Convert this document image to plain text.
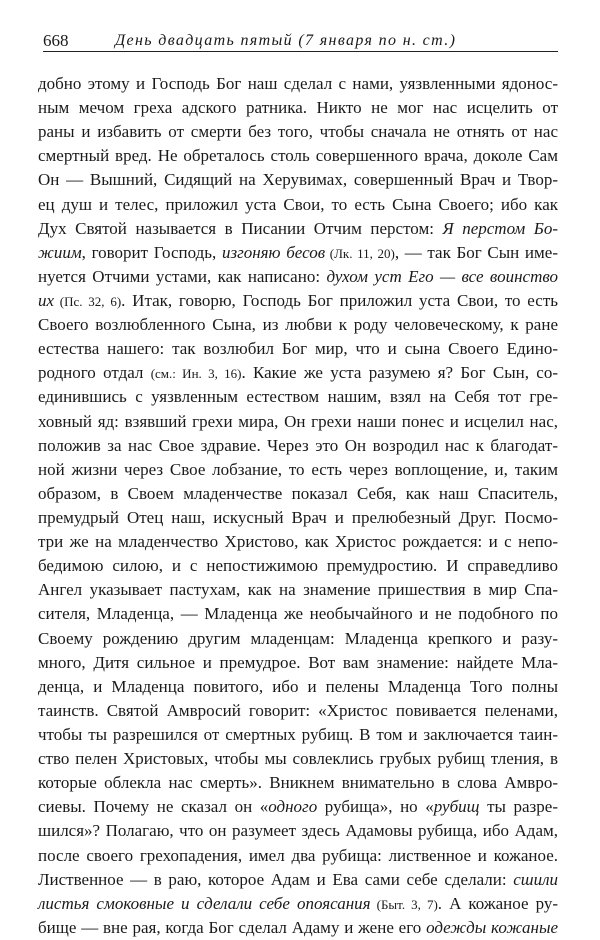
668	День двадцать пятый (7 января по н. ст.)
добно этому и Господь Бог наш сделал с нами, уязвленными ядонос-
ным мечом греха адского ратника. Никто не мог нас исцелить от
раны и избавить от смерти без того, чтобы сначала не отнять от нас
смертный вред. Не обреталось столь совершенного врача, доколе Сам
Он — Вышний, Сидящий на Херувимах, совершенный Врач и Твор-
ец душ и телес, приложил уста Свои, то есть Сына Своего; ибо как
Дух Святой называется в Писании Отчим перстом: Я перстом Бо-
жиим, говорит Господь, изгоняю бесов (Лк. 11, 20), — так Бог Сын име-
нуется Отчими устами, как написано: духом уст Его — все воинство
их (Пс. 32, 6). Итак, говорю, Господь Бог приложил уста Свои, то есть
Своего возлюбленного Сына, из любви к роду человеческому, к ране
естества нашего: так возлюбил Бог мир, что и сына Своего Едино-
родного отдал (см.: Ин. 3, 16). Какие же уста разумею я? Бог Сын, со-
единившись с уязвленным естеством нашим, взял на Себя тот гре-
ховный яд: взявший грехи мира, Он грехи наши понес и исцелил нас,
положив за нас Свое здравие. Через это Он возродил нас к благодат-
ной жизни через Свое лобзание, то есть через воплощение, и, таким
образом, в Своем младенчестве показал Себя, как наш Спаситель,
премудрый Отец наш, искусный Врач и прелюбезный Друг. Посмо-
три же на младенчество Христово, как Христос рождается: и с непо-
бедимою силою, и с непостижимою премудростию. И справедливо
Ангел указывает пастухам, как на знамение пришествия в мир Спа-
сителя, Младенца, — Младенца же необычайного и не подобного по
Своему рождению другим младенцам: Младенца крепкого и разу-
много, Дитя сильное и премудрое. Вот вам знамение: найдете Мла-
денца, и Младенца повитого, ибо и пелены Младенца Того полны
таинств. Святой Амвросий говорит: «Христос повивается пеленами,
чтобы ты разрешился от смертных рубищ. В том и заключается таин-
ство пелен Христовых, чтобы мы совлеклись грубых рубищ тления, в
которые облекла нас смерть». Вникнем внимательно в слова Амвро-
сиевы. Почему не сказал он «одного рубища», но «рубищ ты разре-
шился»? Полагаю, что он разумеет здесь Адамовы рубища, ибо Адам,
после своего грехопадения, имел два рубища: лиственное и кожаное.
Лиственное — в раю, которое Адам и Ева сами себе сделали: сшили
листья смоковные и сделали себе опоясания (Быт. 3, 7). А кожаное ру-
бище — вне рая, когда Бог сделал Адаму и жене его одежды кожаные
